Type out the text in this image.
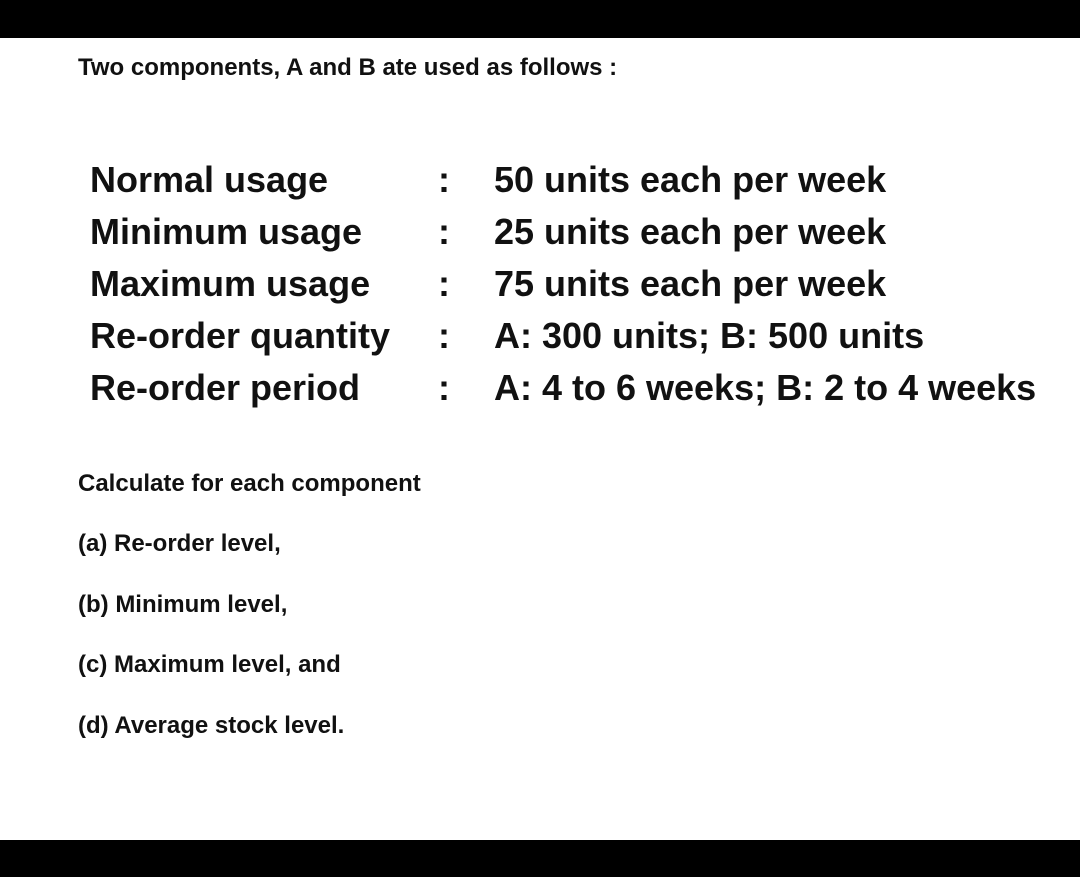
Two components, A and B ate used as follows :
Normal usage	: 50 units each per week
Minimum usage : 25 units each per week
Maximum usage : 75 units each per week
Re-order quantity : A: 300 units; B: 500 units
Re-order period : A: 4 to 6 weeks; B: 2 to 4 weeks
Calculate for each component
(a) Re-order level,
(b) Minimum level,
(c) Maximum level, and
(d) Average stock level.
